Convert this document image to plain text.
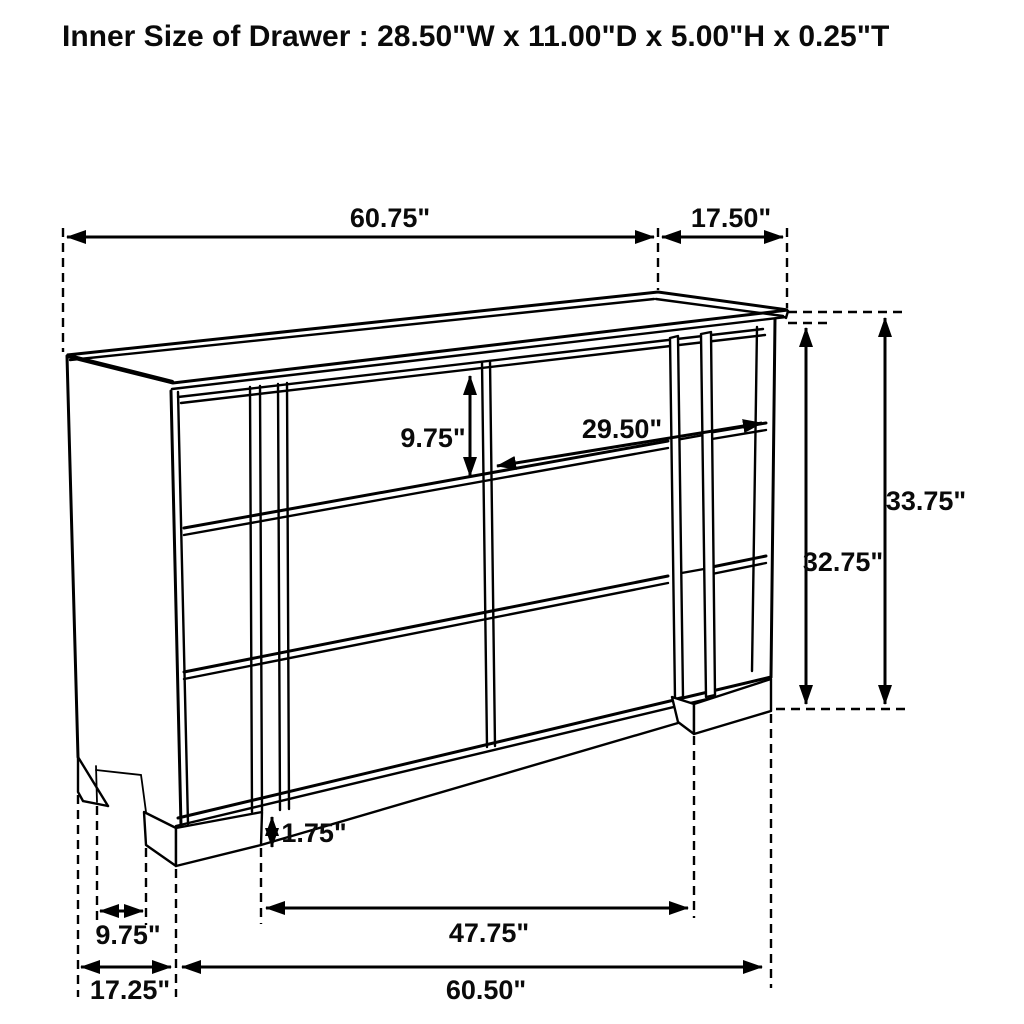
Inner Size of Drawer : 28.50"W x 11.00"D x 5.00"H x 0.25"T
60.75"	17.50"
9.75"	29.50"
33.75"
32.75"
1.75"
9.75"	47.75"
17.25"	60.50"
